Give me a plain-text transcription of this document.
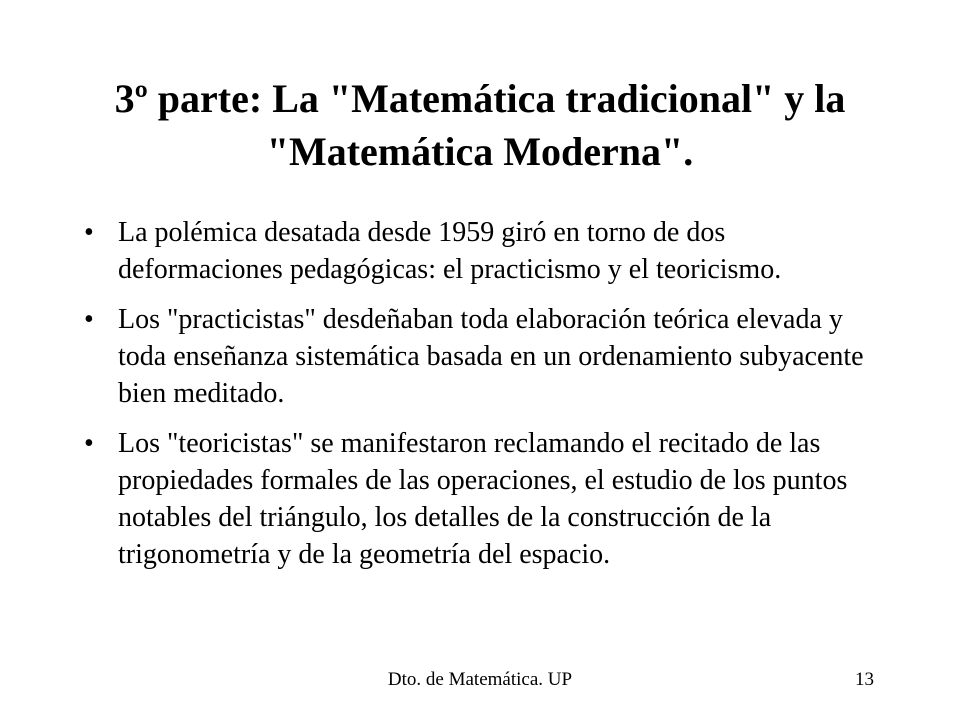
3º parte: La "Matemática tradicional" y la "Matemática Moderna".
• La polémica desatada desde 1959 giró en torno de dos deformaciones pedagógicas: el practicismo y el teoricismo.
• Los "practicistas" desdeñaban toda elaboración teórica elevada y toda enseñanza sistemática basada en un ordenamiento subyacente bien meditado.
• Los "teoricistas" se manifestaron reclamando el recitado de las propiedades formales de las operaciones, el estudio de los puntos notables del triángulo, los detalles de la construcción de la trigonometría y de la geometría del espacio.
Dto. de Matemática. UP	13
